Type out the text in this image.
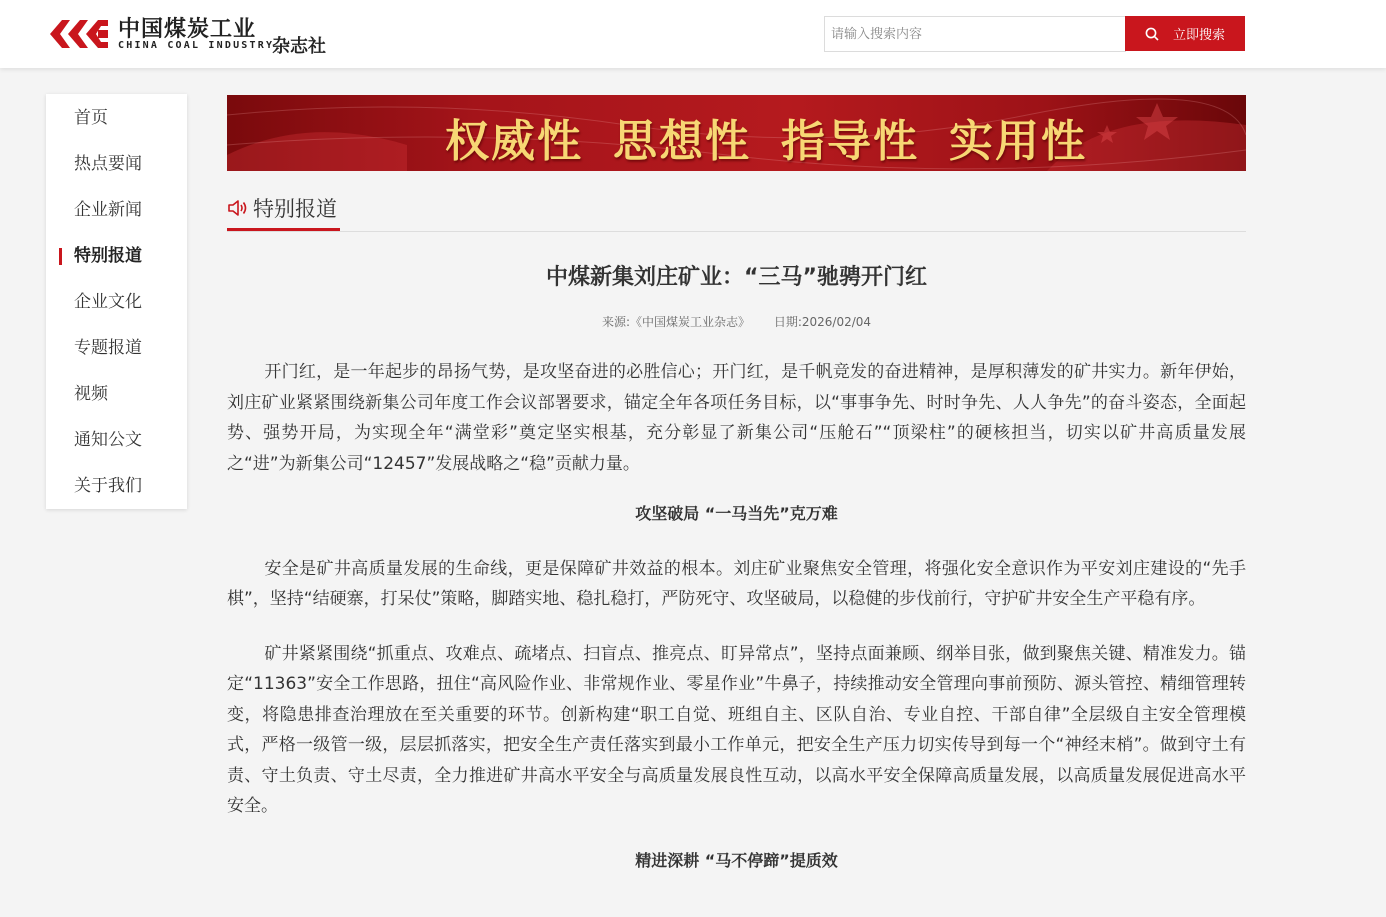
中国煤炭工业
CHINA COAL INDUSTRY
杂志社
请输入搜索内容
立即搜索
首页
热点要闻
企业新闻
特别报道
企业文化
专题报道
视频
通知公文
关于我们
权威性 思想性 指导性 实用性
特别报道
中煤新集刘庄矿业：“三马”驰骋开门红
来源:《中国煤炭工业杂志》 日期:2026/02/04

开门红，是一年起步的昂扬气势，是攻坚奋进的必胜信心；开门红，是千帆竞发的奋进精神，是厚积薄发的矿井实力。新年伊始，刘庄矿业紧紧围绕新集公司年度工作会议部署要求，锚定全年各项任务目标，以“事事争先、时时争先、人人争先”的奋斗姿态，全面起势、强势开局，为实现全年“满堂彩”奠定坚实根基，充分彰显了新集公司“压舱石”“顶梁柱”的硬核担当，切实以矿井高质量发展之“进”为新集公司“12457”发展战略之“稳”贡献力量。

攻坚破局 “一马当先”克万难

安全是矿井高质量发展的生命线，更是保障矿井效益的根本。刘庄矿业聚焦安全管理，将强化安全意识作为平安刘庄建设的“先手棋”，坚持“结硬寨，打呆仗”策略，脚踏实地、稳扎稳打，严防死守、攻坚破局，以稳健的步伐前行，守护矿井安全生产平稳有序。

矿井紧紧围绕“抓重点、攻难点、疏堵点、扫盲点、推亮点、盯异常点”，坚持点面兼顾、纲举目张，做到聚焦关键、精准发力。锚定“11363”安全工作思路，扭住“高风险作业、非常规作业、零星作业”牛鼻子，持续推动安全管理向事前预防、源头管控、精细管理转变，将隐患排查治理放在至关重要的环节。创新构建“职工自觉、班组自主、区队自治、专业自控、干部自律”全层级自主安全管理模式，严格一级管一级，层层抓落实，把安全生产责任落实到最小工作单元，把安全生产压力切实传导到每一个“神经末梢”。做到守土有责、守土负责、守土尽责，全力推进矿井高水平安全与高质量发展良性互动，以高水平安全保障高质量发展，以高质量发展促进高水平安全。

精进深耕 “马不停蹄”提质效
